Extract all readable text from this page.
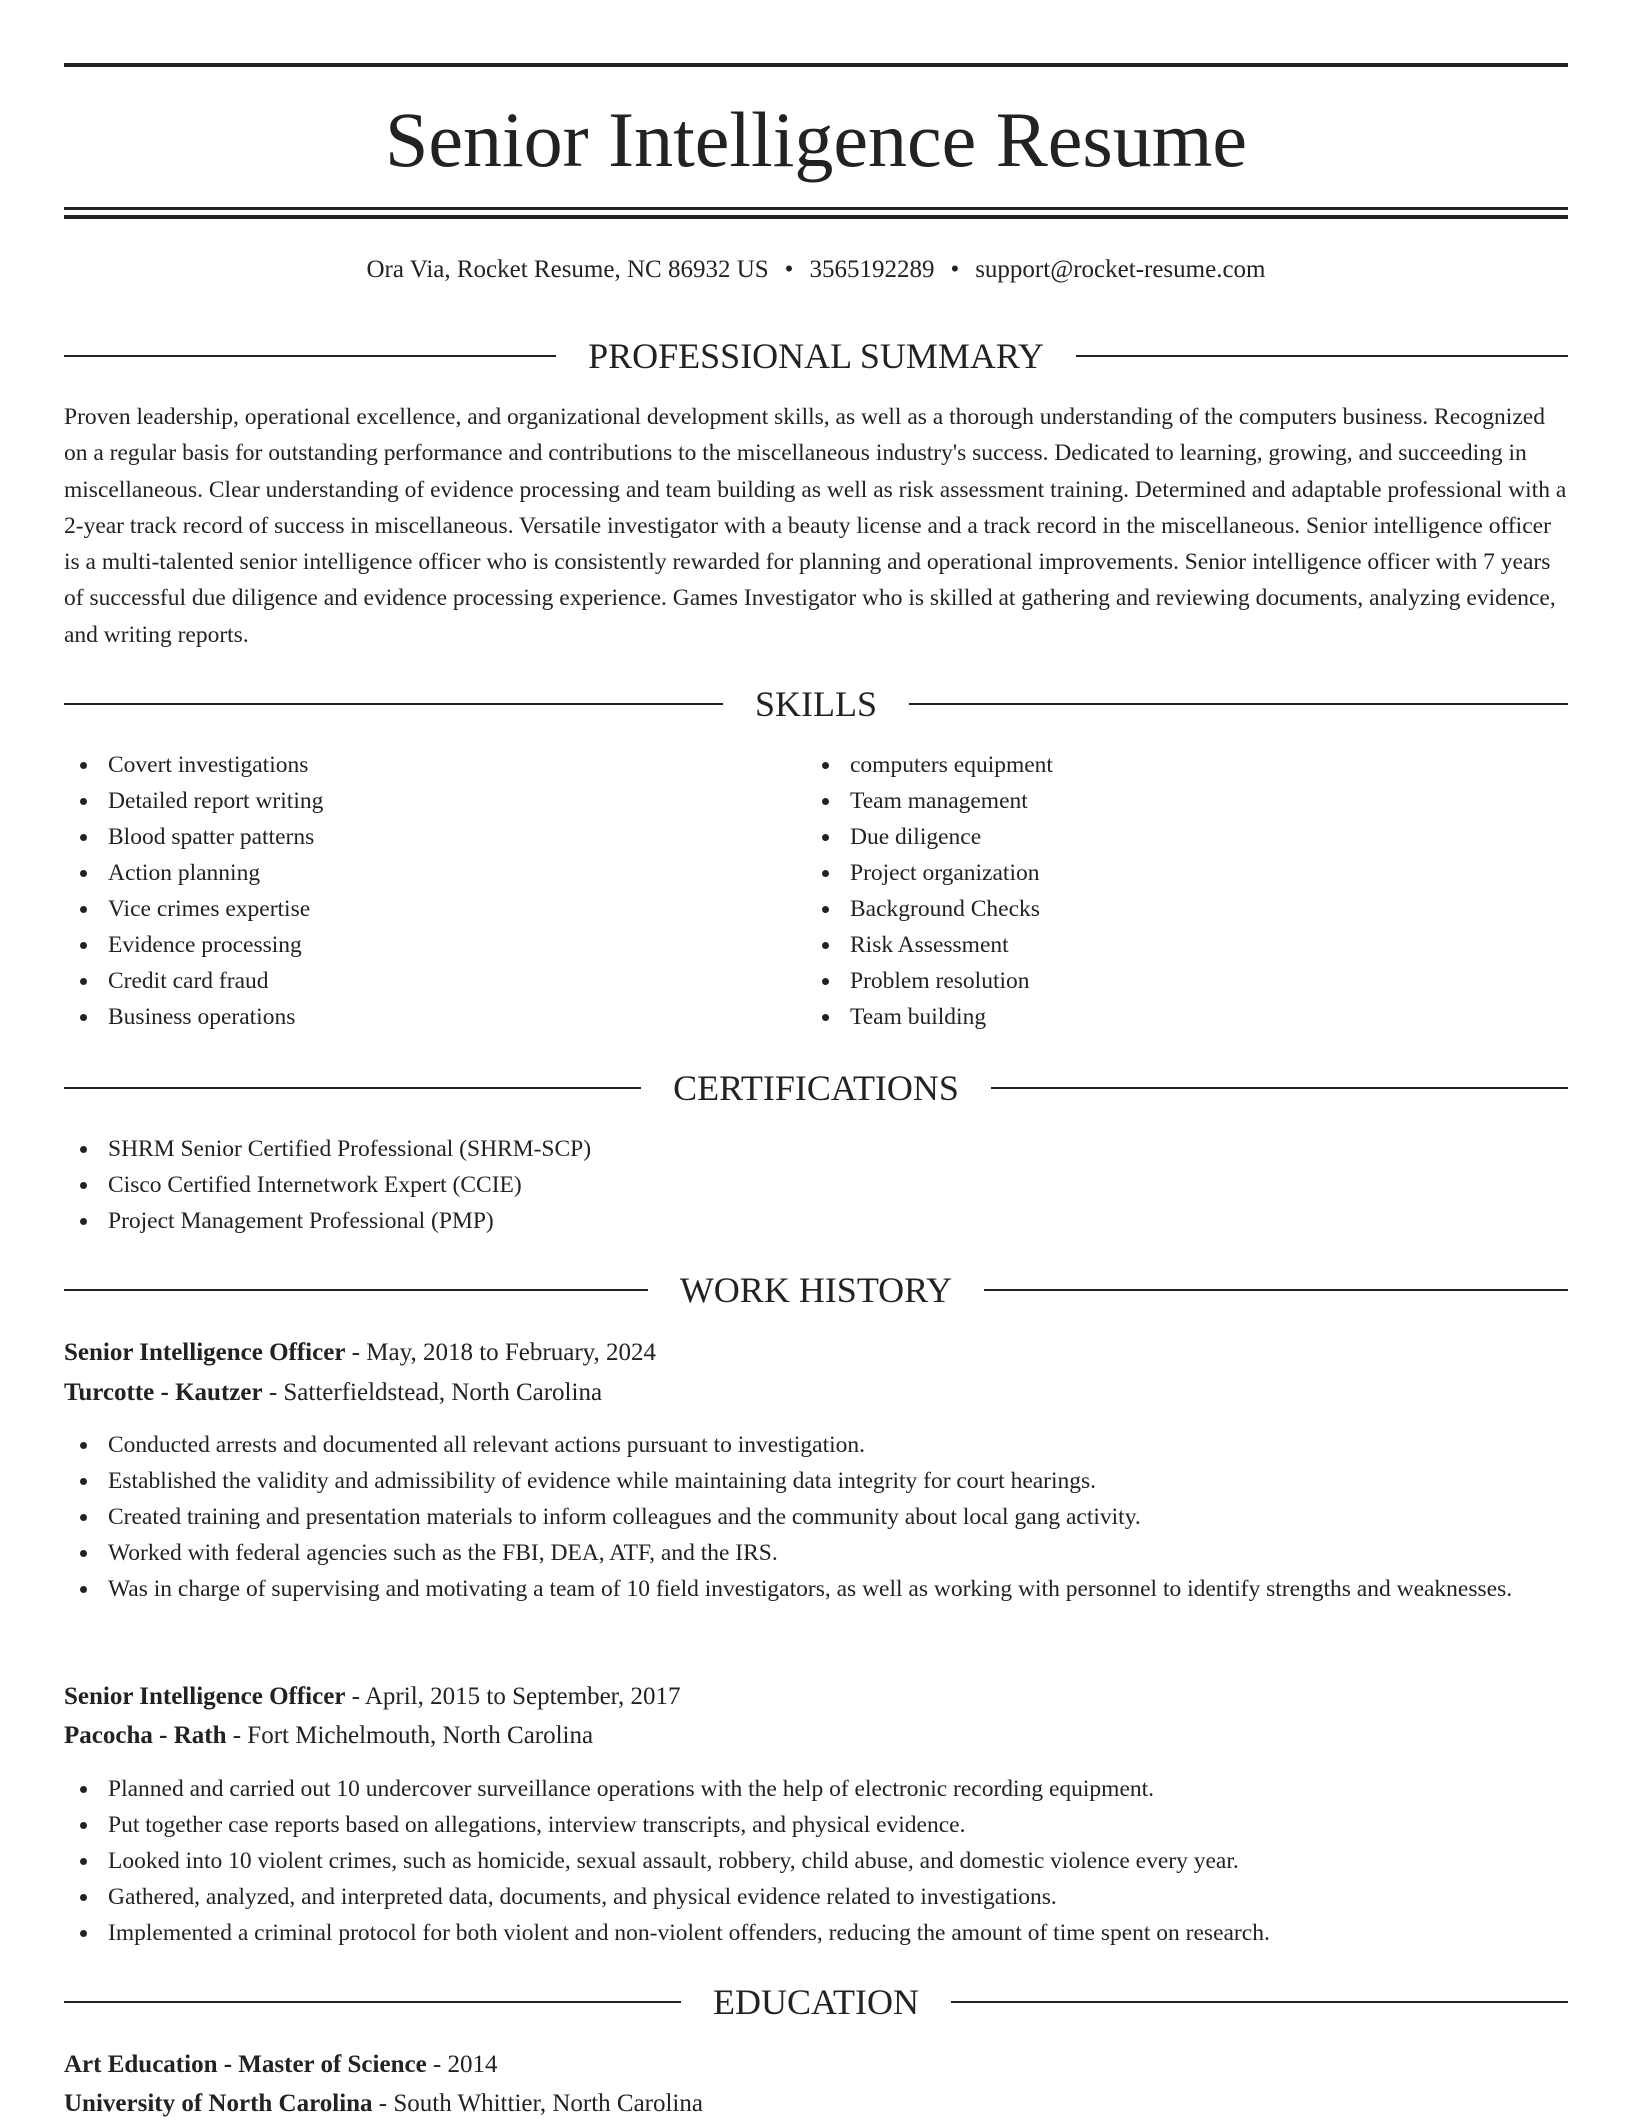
Senior Intelligence Resume
Ora Via, Rocket Resume, NC 86932 US • 3565192289 • support@rocket-resume.com
PROFESSIONAL SUMMARY
Proven leadership, operational excellence, and organizational development skills, as well as a thorough understanding of the computers business. Recognized on a regular basis for outstanding performance and contributions to the miscellaneous industry's success. Dedicated to learning, growing, and succeeding in miscellaneous. Clear understanding of evidence processing and team building as well as risk assessment training. Determined and adaptable professional with a 2-year track record of success in miscellaneous. Versatile investigator with a beauty license and a track record in the miscellaneous. Senior intelligence officer is a multi-talented senior intelligence officer who is consistently rewarded for planning and operational improvements. Senior intelligence officer with 7 years of successful due diligence and evidence processing experience. Games Investigator who is skilled at gathering and reviewing documents, analyzing evidence, and writing reports.
SKILLS
Covert investigations
Detailed report writing
Blood spatter patterns
Action planning
Vice crimes expertise
Evidence processing
Credit card fraud
Business operations
computers equipment
Team management
Due diligence
Project organization
Background Checks
Risk Assessment
Problem resolution
Team building
CERTIFICATIONS
SHRM Senior Certified Professional (SHRM-SCP)
Cisco Certified Internetwork Expert (CCIE)
Project Management Professional (PMP)
WORK HISTORY
Senior Intelligence Officer - May, 2018 to February, 2024
Turcotte - Kautzer - Satterfieldstead, North Carolina
Conducted arrests and documented all relevant actions pursuant to investigation.
Established the validity and admissibility of evidence while maintaining data integrity for court hearings.
Created training and presentation materials to inform colleagues and the community about local gang activity.
Worked with federal agencies such as the FBI, DEA, ATF, and the IRS.
Was in charge of supervising and motivating a team of 10 field investigators, as well as working with personnel to identify strengths and weaknesses.
Senior Intelligence Officer - April, 2015 to September, 2017
Pacocha - Rath - Fort Michelmouth, North Carolina
Planned and carried out 10 undercover surveillance operations with the help of electronic recording equipment.
Put together case reports based on allegations, interview transcripts, and physical evidence.
Looked into 10 violent crimes, such as homicide, sexual assault, robbery, child abuse, and domestic violence every year.
Gathered, analyzed, and interpreted data, documents, and physical evidence related to investigations.
Implemented a criminal protocol for both violent and non-violent offenders, reducing the amount of time spent on research.
EDUCATION
Art Education - Master of Science - 2014
University of North Carolina - South Whittier, North Carolina
